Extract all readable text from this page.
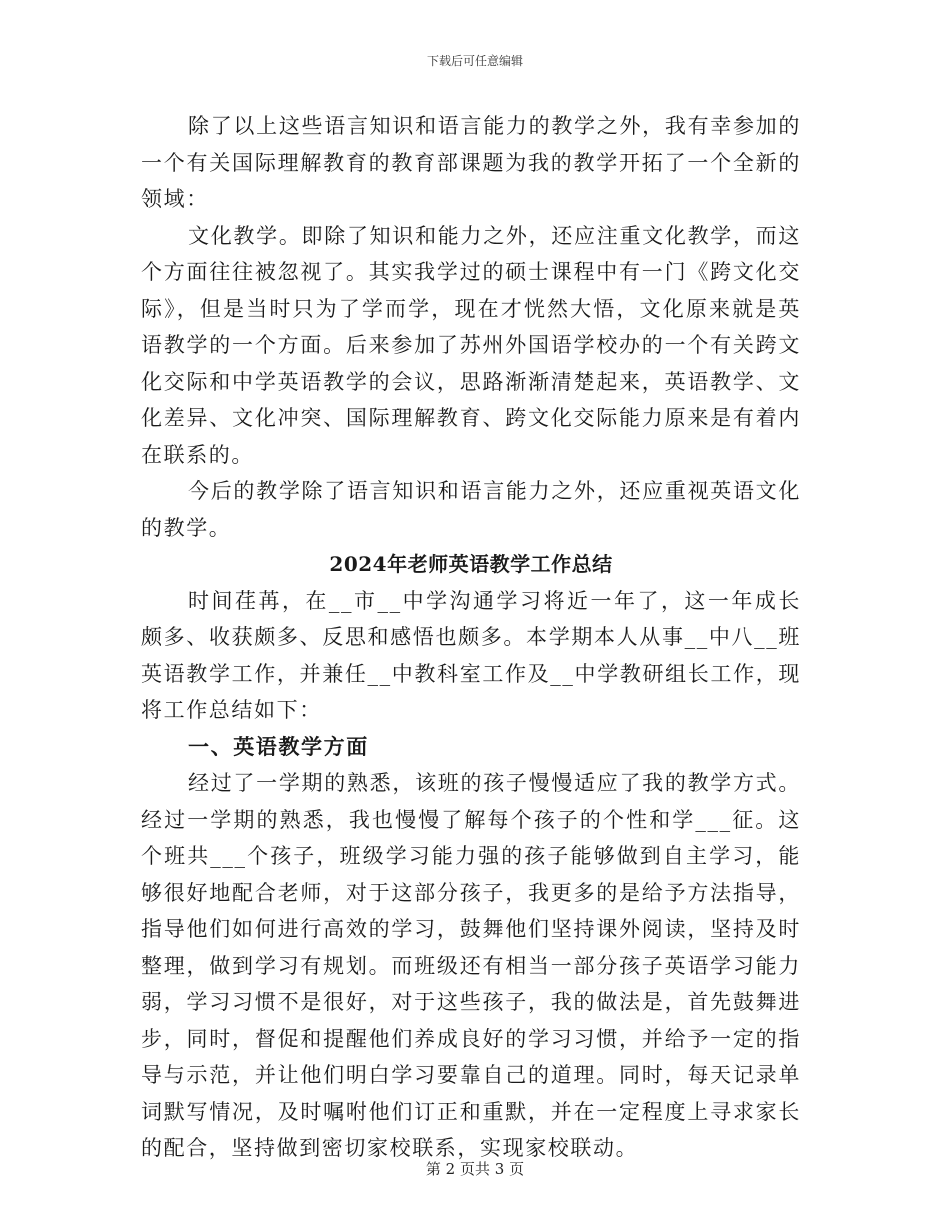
下载后可任意编辑

除了以上这些语言知识和语言能力的教学之外，我有幸参加的一个有关国际理解教育的教育部课题为我的教学开拓了一个全新的领域：

文化教学。即除了知识和能力之外，还应注重文化教学，而这个方面往往被忽视了。其实我学过的硕士课程中有一门《跨文化交际》，但是当时只为了学而学，现在才恍然大悟，文化原来就是英语教学的一个方面。后来参加了苏州外国语学校办的一个有关跨文化交际和中学英语教学的会议，思路渐渐清楚起来，英语教学、文化差异、文化冲突、国际理解教育、跨文化交际能力原来是有着内在联系的。

今后的教学除了语言知识和语言能力之外，还应重视英语文化的教学。

2024年老师英语教学工作总结

时间荏苒，在__市__中学沟通学习将近一年了，这一年成长颇多、收获颇多、反思和感悟也颇多。本学期本人从事__中八__班英语教学工作，并兼任__中教科室工作及__中学教研组长工作，现将工作总结如下：

一、英语教学方面

经过了一学期的熟悉，该班的孩子慢慢适应了我的教学方式。经过一学期的熟悉，我也慢慢了解每个孩子的个性和学___征。这个班共___个孩子，班级学习能力强的孩子能够做到自主学习，能够很好地配合老师，对于这部分孩子，我更多的是给予方法指导，指导他们如何进行高效的学习，鼓舞他们坚持课外阅读，坚持及时整理，做到学习有规划。而班级还有相当一部分孩子英语学习能力弱，学习习惯不是很好，对于这些孩子，我的做法是，首先鼓舞进步，同时，督促和提醒他们养成良好的学习习惯，并给予一定的指导与示范，并让他们明白学习要靠自己的道理。同时，每天记录单词默写情况，及时嘱咐他们订正和重默，并在一定程度上寻求家长的配合，坚持做到密切家校联系，实现家校联动。

第 2 页共 3 页
